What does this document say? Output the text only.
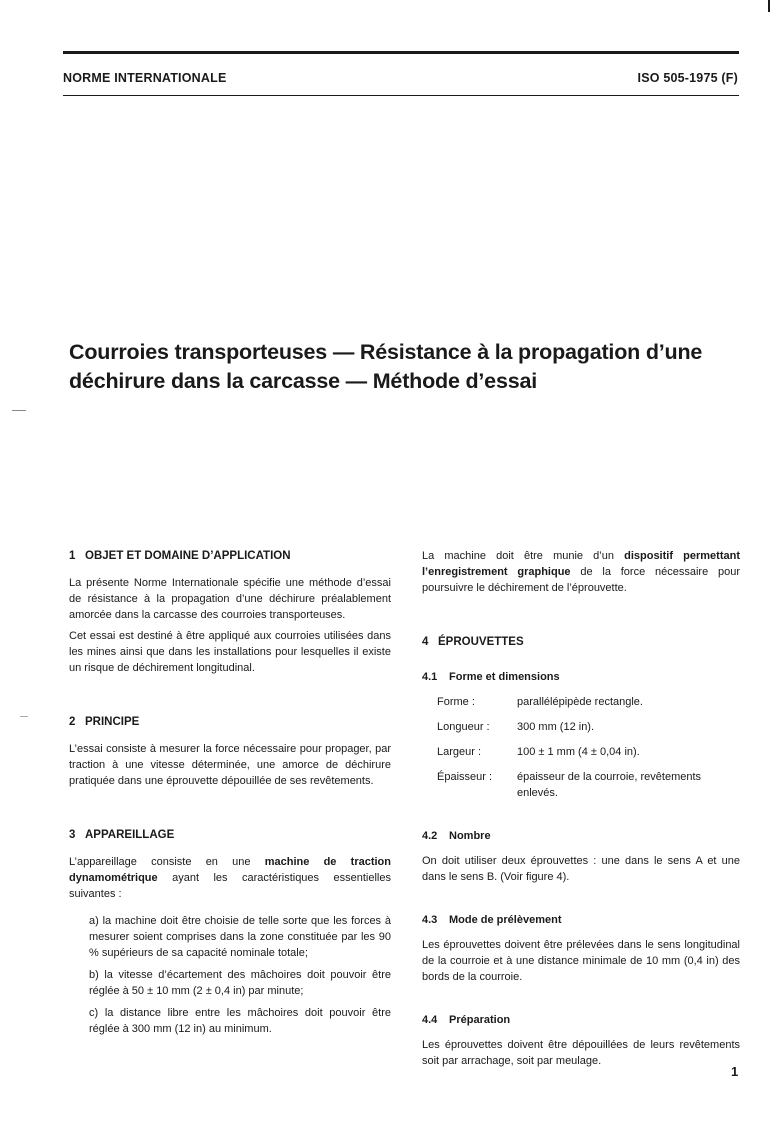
NORME INTERNATIONALE	ISO 505-1975 (F)
Courroies transporteuses — Résistance à la propagation d’une
déchirure dans la carcasse — Méthode d’essai
1 OBJET ET DOMAINE D’APPLICATION

La présente Norme Internationale spécifie une méthode d’essai de résistance à la propagation d’une déchirure préalablement amorcée dans la carcasse des courroies transporteuses.

Cet essai est destiné à être appliqué aux courroies utilisées dans les mines ainsi que dans les installations pour lesquelles il existe un risque de déchirement longitudinal.

2 PRINCIPE

L’essai consiste à mesurer la force nécessaire pour propager, par traction à une vitesse déterminée, une amorce de déchirure pratiquée dans une éprouvette dépouillée de ses revêtements.

3 APPAREILLAGE

L’appareillage consiste en une machine de traction dynamométrique ayant les caractéristiques essentielles suivantes :

a) la machine doit être choisie de telle sorte que les forces à mesurer soient comprises dans la zone constituée par les 90 % supérieurs de sa capacité nominale totale;
b) la vitesse d’écartement des mâchoires doit pouvoir être réglée à 50 ± 10 mm (2 ± 0,4 in) par minute;
c) la distance libre entre les mâchoires doit pouvoir être réglée à 300 mm (12 in) au minimum.

La machine doit être munie d’un dispositif permettant l’enregistrement graphique de la force nécessaire pour poursuivre le déchirement de l’éprouvette.

4 ÉPROUVETTES
4.1 Forme et dimensions
Forme :	parallélépipède rectangle.
Longueur :	300 mm (12 in).
Largeur :	100 ± 1 mm (4 ± 0,04 in).
Épaisseur :	épaisseur de la courroie, revêtements enlevés.
4.2 Nombre

On doit utiliser deux éprouvettes : une dans le sens A et une dans le sens B. (Voir figure 4).

4.3 Mode de prélèvement

Les éprouvettes doivent être prélevées dans le sens longitudinal de la courroie et à une distance minimale de 10 mm (0,4 in) des bords de la courroie.

4.4 Préparation

Les éprouvettes doivent être dépouillées de leurs revêtements soit par arrachage, soit par meulage.

1
